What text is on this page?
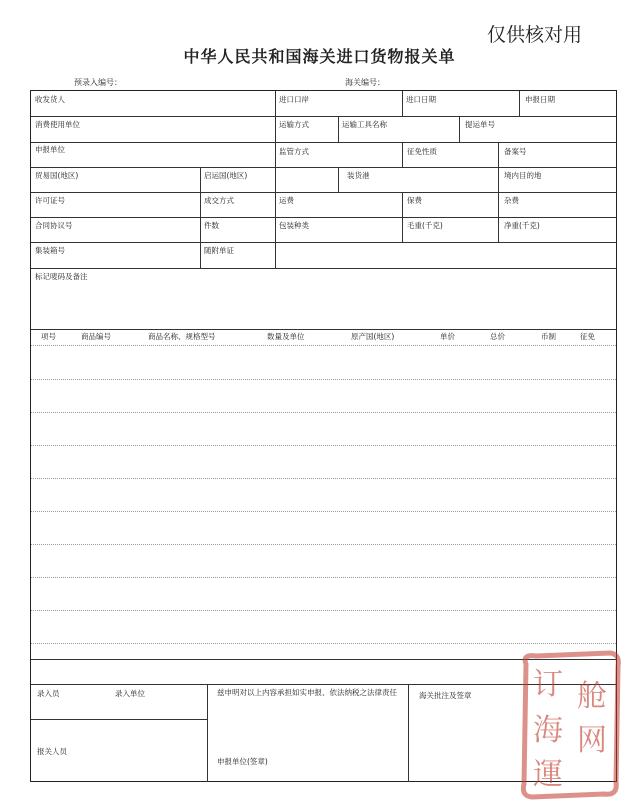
仅供核对用
中华人民共和国海关进口货物报关单
预录入编号：	海关编号：
收发货人	进口口岸	进口日期	申报日期
消费使用单位	运输方式	运输工具名称	提运单号
申报单位	监管方式	征免性质	备案号
贸易国(地区)	启运国(地区)	装货港	境内目的地
许可证号	成交方式	运费	保费	杂费
合同协议号	件数	包装种类	毛重(千克)	净重(千克)
集装箱号	随附单证
标记唛码及备注
项号	商品编号	商品名称、规格型号	数量及单位	原产国(地区)	单价	总价	币制	征免
录入员	录入单位	兹申明对以上内容承担如实申报、依法纳税之法律责任	海关批注及签章
报关人员
申报单位(签章)
订 舱
海 网
運
